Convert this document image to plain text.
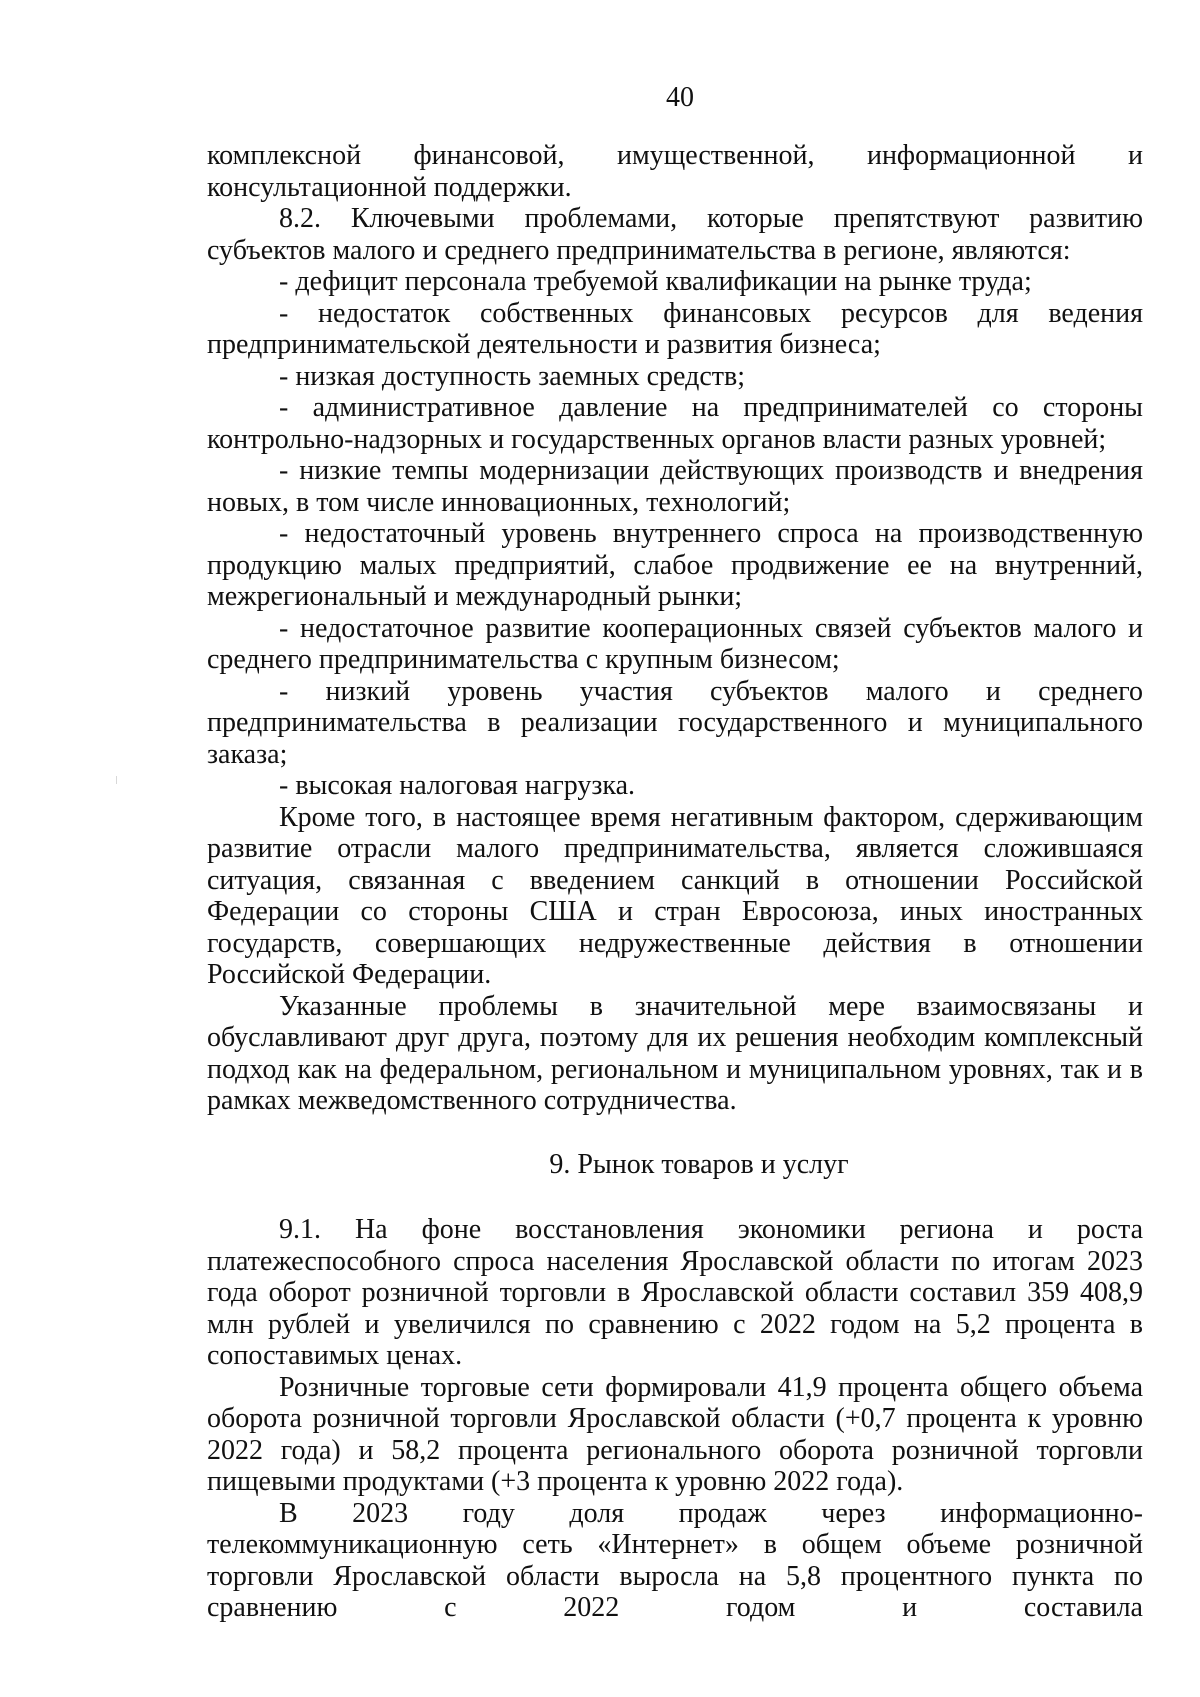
40

комплексной финансовой, имущественной, информационной и консультационной поддержки.

8.2. Ключевыми проблемами, которые препятствуют развитию субъектов малого и среднего предпринимательства в регионе, являются:

- дефицит персонала требуемой квалификации на рынке труда;

- недостаток собственных финансовых ресурсов для ведения предпринимательской деятельности и развития бизнеса;

- низкая доступность заемных средств;

- административное давление на предпринимателей со стороны контрольно-надзорных и государственных органов власти разных уровней;

- низкие темпы модернизации действующих производств и внедрения новых, в том числе инновационных, технологий;

- недостаточный уровень внутреннего спроса на производственную продукцию малых предприятий, слабое продвижение ее на внутренний, межрегиональный и международный рынки;

- недостаточное развитие кооперационных связей субъектов малого и среднего предпринимательства с крупным бизнесом;

- низкий уровень участия субъектов малого и среднего предпринимательства в реализации государственного и муниципального заказа;

- высокая налоговая нагрузка.

Кроме того, в настоящее время негативным фактором, сдерживающим развитие отрасли малого предпринимательства, является сложившаяся ситуация, связанная с введением санкций в отношении Российской Федерации со стороны США и стран Евросоюза, иных иностранных государств, совершающих недружественные действия в отношении Российской Федерации.

Указанные проблемы в значительной мере взаимосвязаны и обуславливают друг друга, поэтому для их решения необходим комплексный подход как на федеральном, региональном и муниципальном уровнях, так и в рамках межведомственного сотрудничества.

9. Рынок товаров и услуг

9.1. На фоне восстановления экономики региона и роста платежеспособного спроса населения Ярославской области по итогам 2023 года оборот розничной торговли в Ярославской области составил 359 408,9 млн рублей и увеличился по сравнению с 2022 годом на 5,2 процента в сопоставимых ценах.

Розничные торговые сети формировали 41,9 процента общего объема оборота розничной торговли Ярославской области (+0,7 процента к уровню 2022 года) и 58,2 процента регионального оборота розничной торговли пищевыми продуктами (+3 процента к уровню 2022 года).

В 2023 году доля продаж через информационно-телекоммуникационную сеть «Интернет» в общем объеме розничной торговли Ярославской области выросла на 5,8 процентного пункта по сравнению с 2022 годом и составила
